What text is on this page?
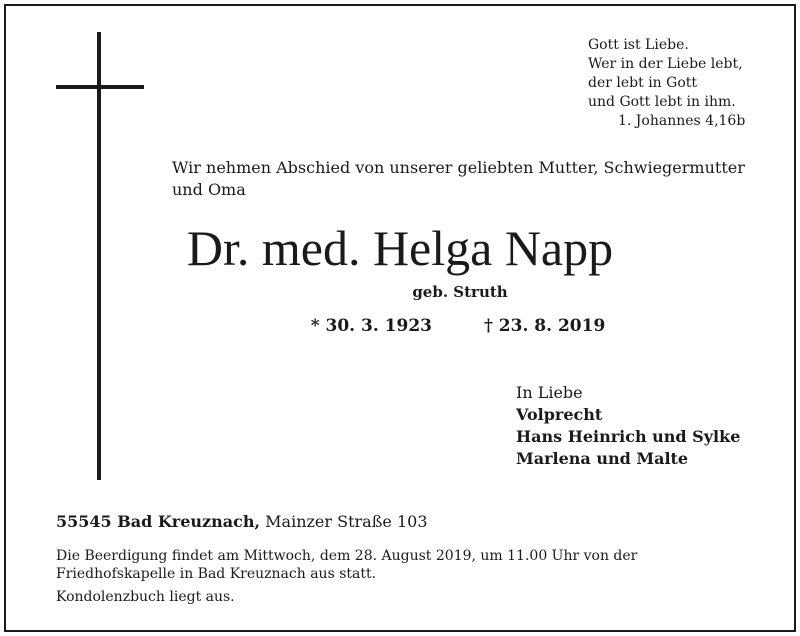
Gott ist Liebe.
Wer in der Liebe lebt,
der lebt in Gott
und Gott lebt in ihm.
1. Johannes 4,16b
Wir nehmen Abschied von unserer geliebten Mutter, Schwiegermutter und Oma
Dr. med. Helga Napp
geb. Struth
* 30. 3. 1923	† 23. 8. 2019
In Liebe
Volprecht
Hans Heinrich und Sylke
Marlena und Malte
55545 Bad Kreuznach, Mainzer Straße 103
Die Beerdigung findet am Mittwoch, dem 28. August 2019, um 11.00 Uhr von der Friedhofskapelle in Bad Kreuznach aus statt.
Kondolenzbuch liegt aus.
